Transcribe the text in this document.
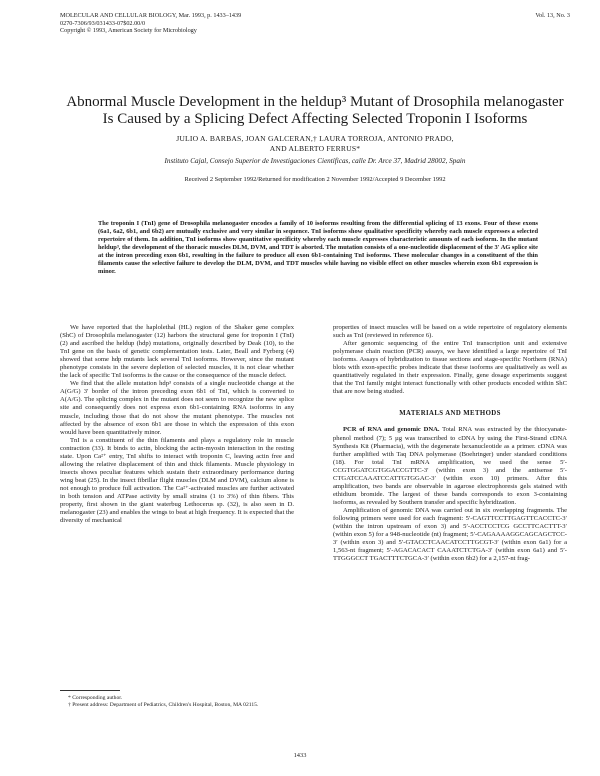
MOLECULAR AND CELLULAR BIOLOGY, Mar. 1993, p. 1433–1439
0270-7306/93/031433-07$02.00/0
Copyright © 1993, American Society for Microbiology
Vol. 13, No. 3
Abnormal Muscle Development in the heldup³ Mutant of Drosophila melanogaster Is Caused by a Splicing Defect Affecting Selected Troponin I Isoforms
JULIO A. BARBAS, JOAN GALCERAN,† LAURA TORROJA, ANTONIO PRADO,
AND ALBERTO FERRUS*
Instituto Cajal, Consejo Superior de Investigaciones Científicas, calle Dr. Arce 37, Madrid 28002, Spain
Received 2 September 1992/Returned for modification 2 November 1992/Accepted 9 December 1992
The troponin I (TnI) gene of Drosophila melanogaster encodes a family of 10 isoforms resulting from the differential splicing of 13 exons. Four of these exons (6a1, 6a2, 6b1, and 6b2) are mutually exclusive and very similar in sequence. TnI isoforms show qualitative specificity whereby each muscle expresses a selected repertoire of them. In addition, TnI isoforms show quantitative specificity whereby each muscle expresses characteristic amounts of each isoform. In the mutant heldup³, the development of the thoracic muscles DLM, DVM, and TDT is aborted. The mutation consists of a one-nucleotide displacement of the 3′ AG splice site at the intron preceding exon 6b1, resulting in the failure to produce all exon 6b1-containing TnI isoforms. These molecular changes in a constituent of the thin filaments cause the selective failure to develop the DLM, DVM, and TDT muscles while having no visible effect on other muscles wherein exon 6b1 expression is minor.

We have reported that the haplolethal (HL) region of the Shaker gene complex (ShC) of Drosophila melanogaster (12) harbors the structural gene for troponin I (TnI) (2) and ascribed the heldup (hdp) mutations, originally described by Deak (10), to the TnI gene on the basis of genetic complementation tests. Later, Beall and Fyrberg (4) showed that some hdp mutants lack several TnI isoforms. However, since the mutant phenotype consists in the severe depletion of selected muscles, it is not clear whether the lack of specific TnI isoforms is the cause or the consequence of the muscle defect.

We find that the allele mutation hdp³ consists of a single nucleotide change at the A(G/G) 3′ border of the intron preceding exon 6b1 of TnI, which is converted to A(A/G). The splicing complex in the mutant does not seem to recognize the new splice site and consequently does not express exon 6b1-containing RNA isoforms in any muscle, including those that do not show the mutant phenotype. The muscles not affected by the absence of exon 6b1 are those in which the expression of this exon would have been quantitatively minor.

TnI is a constituent of the thin filaments and plays a regulatory role in muscle contraction (33). It binds to actin, blocking the actin-myosin interaction in the resting state. Upon Ca²⁺ entry, TnI shifts to interact with troponin C, leaving actin free and allowing the relative displacement of thin and thick filaments. Muscle physiology in insects shows peculiar features which sustain their extraordinary performance during wing beat (25). In the insect fibrillar flight muscles (DLM and DVM), calcium alone is not enough to produce full activation. The Ca²⁺-activated muscles are further activated in both tension and ATPase activity by small strains (1 to 3%) of thin fibers. This property, first shown in the giant waterbug Lethocerus sp. (32), is also seen in D. melanogaster (23) and enables the wings to beat at high frequency. It is expected that the diversity of mechanical

properties of insect muscles will be based on a wide repertoire of regulatory elements such as TnI (reviewed in reference 6).

After genomic sequencing of the entire TnI transcription unit and extensive polymerase chain reaction (PCR) assays, we have identified a large repertoire of TnI isoforms. Assays of hybridization to tissue sections and stage-specific Northern (RNA) blots with exon-specific probes indicate that these isoforms are qualitatively as well as quantitatively regulated in their expression. Finally, gene dosage experiments suggest that the TnI family might interact functionally with other products encoded within ShC that are now being studied.

MATERIALS AND METHODS

PCR of RNA and genomic DNA. Total RNA was extracted by the thiocyanate-phenol method (7); 5 µg was transcribed to cDNA by using the First-Strand cDNA Synthesis Kit (Pharmacia), with the degenerate hexanucleotide as a primer. cDNA was further amplified with Taq DNA polymerase (Boehringer) under standard conditions (18). For total TnI mRNA amplification, we used the sense 5′-CCGTGGATCGTGGACCGTTC-3′ (within exon 3) and the antisense 5′-CTGATCCAAATCCATTGTGGAC-3′ (within exon 10) primers. After this amplification, two bands are observable in agarose electrophoresis gels stained with ethidium bromide. The largest of these bands corresponds to exon 3-containing isoforms, as revealed by Southern transfer and specific hybridization.

Amplification of genomic DNA was carried out in six overlapping fragments. The following primers were used for each fragment: 5′-CAGTTCCTTGAGTTCACCTC-3′ (within the intron upstream of exon 3) and 5′-ACCTCCTCG GCCTTCACTTT-3′ (within exon 5) for a 948-nucleotide (nt) fragment; 5′-CAGAAAAGGCAGCAGCTCC-3′ (within exon 3) and 5′-GTACCTCAACATCCTTGCGT-3′ (within exon 6a1) for a 1,563-nt fragment; 5′-AGACACACT CAAATCTCTGA-3′ (within exon 6a1) and 5′-TTGGGCCT TGACTTTCTGCA-3′ (within exon 6b2) for a 2,157-nt frag-

* Corresponding author.

† Present address: Department of Pediatrics, Children's Hospital, Boston, MA 02115.

1433
